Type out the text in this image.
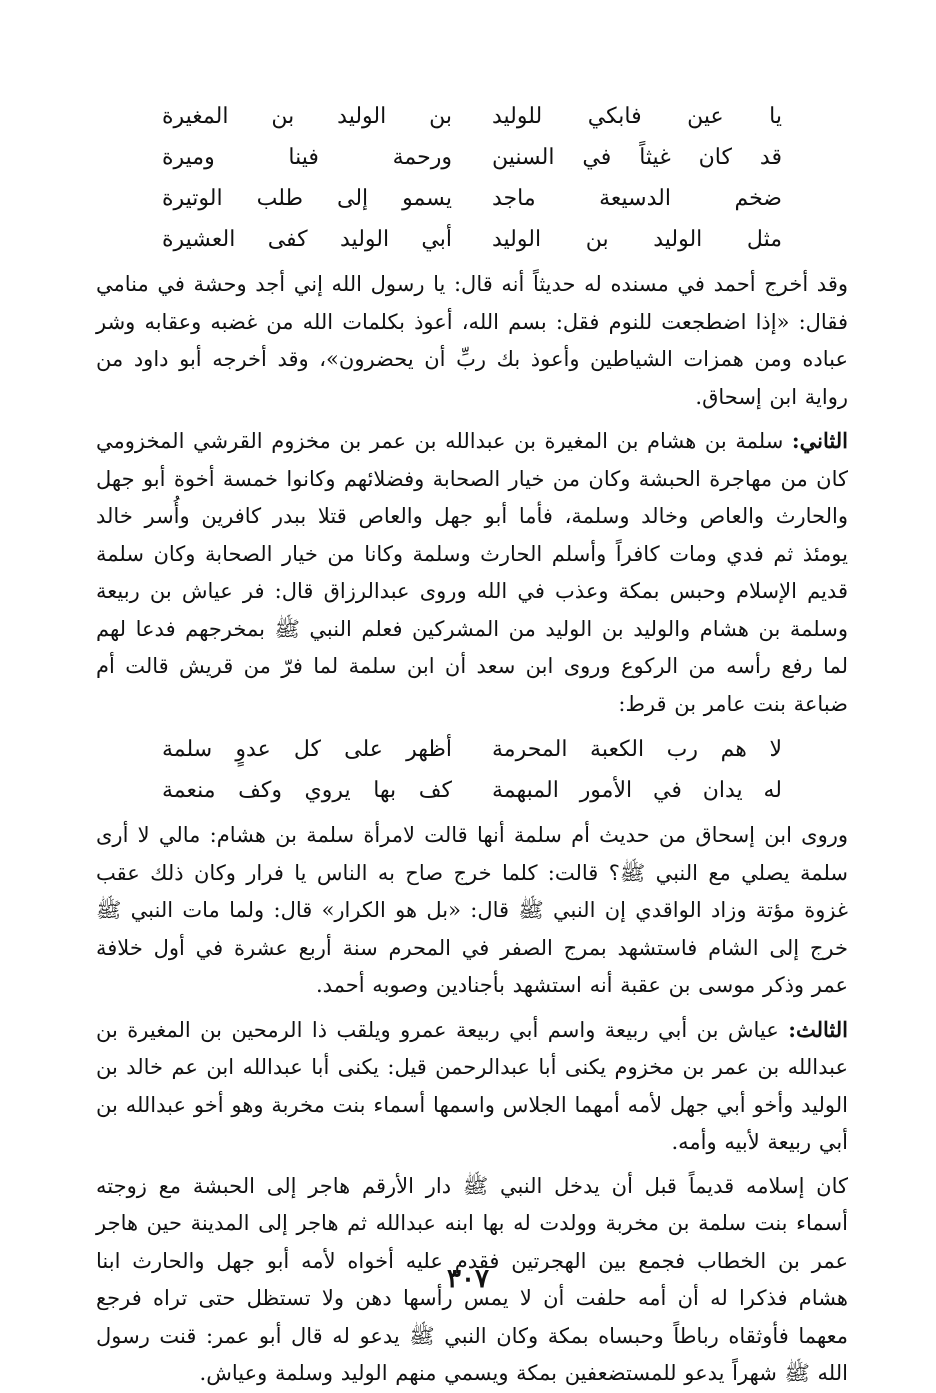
يا عين فابكي للوليد
بن الوليد بن المغيرة
قد كان غيثاً في السنين
ورحمة فينا وميرة
ضخم الدسيعة ماجد
يسمو إلى طلب الوتيرة
مثل الوليد بن الوليد
أبي الوليد كفى العشيرة

وقد أخرج أحمد في مسنده له حديثاً أنه قال: يا رسول الله إني أجد وحشة في منامي فقال: «إذا اضطجعت للنوم فقل: بسم الله، أعوذ بكلمات الله من غضبه وعقابه وشر عباده ومن همزات الشياطين وأعوذ بك ربِّ أن يحضرون»، وقد أخرجه أبو داود من رواية ابن إسحاق.

الثاني: سلمة بن هشام بن المغيرة بن عبدالله بن عمر بن مخزوم القرشي المخزومي كان من مهاجرة الحبشة وكان من خيار الصحابة وفضلائهم وكانوا خمسة أخوة أبو جهل والحارث والعاص وخالد وسلمة، فأما أبو جهل والعاص قتلا ببدر كافرين وأُسر خالد يومئذ ثم فدي ومات كافراً وأسلم الحارث وسلمة وكانا من خيار الصحابة وكان سلمة قديم الإسلام وحبس بمكة وعذب في الله وروى عبدالرزاق قال: فر عياش بن ربيعة وسلمة بن هشام والوليد بن الوليد من المشركين فعلم النبي ﷺ بمخرجهم فدعا لهم لما رفع رأسه من الركوع وروى ابن سعد أن ابن سلمة لما فرّ من قريش قالت أم ضباعة بنت عامر بن قرط:

لا هم رب الكعبة المحرمة
أظهر على كل عدوٍ سلمة
له يدان في الأمور المبهمة
كف بها يروي وكف منعمة

وروى ابن إسحاق من حديث أم سلمة أنها قالت لامرأة سلمة بن هشام: مالي لا أرى سلمة يصلي مع النبي ﷺ؟ قالت: كلما خرج صاح به الناس يا فرار وكان ذلك عقب غزوة مؤتة وزاد الواقدي إن النبي ﷺ قال: «بل هو الكرار» قال: ولما مات النبي ﷺ خرج إلى الشام فاستشهد بمرج الصفر في المحرم سنة أربع عشرة في أول خلافة عمر وذكر موسى بن عقبة أنه استشهد بأجنادين وصوبه أحمد.

الثالث: عياش بن أبي ربيعة واسم أبي ربيعة عمرو ويلقب ذا الرمحين بن المغيرة بن عبدالله بن عمر بن مخزوم يكنى أبا عبدالرحمن قيل: يكنى أبا عبدالله ابن عم خالد بن الوليد وأخو أبي جهل لأمه أمهما الجلاس واسمها أسماء بنت مخربة وهو أخو عبدالله بن أبي ربيعة لأبيه وأمه.

كان إسلامه قديماً قبل أن يدخل النبي ﷺ دار الأرقم هاجر إلى الحبشة مع زوجته أسماء بنت سلمة بن مخربة وولدت له بها ابنه عبدالله ثم هاجر إلى المدينة حين هاجر عمر بن الخطاب فجمع بين الهجرتين فقدم عليه أخواه لأمه أبو جهل والحارث ابنا هشام فذكرا له أن أمه حلفت أن لا يمس رأسها دهن ولا تستظل حتى تراه فرجع معهما فأوثقاه رباطاً وحبساه بمكة وكان النبي ﷺ يدعو له قال أبو عمر: قنت رسول الله ﷺ شهراً يدعو للمستضعفين بمكة ويسمي منهم الوليد وسلمة وعياش.

٣٠٧
